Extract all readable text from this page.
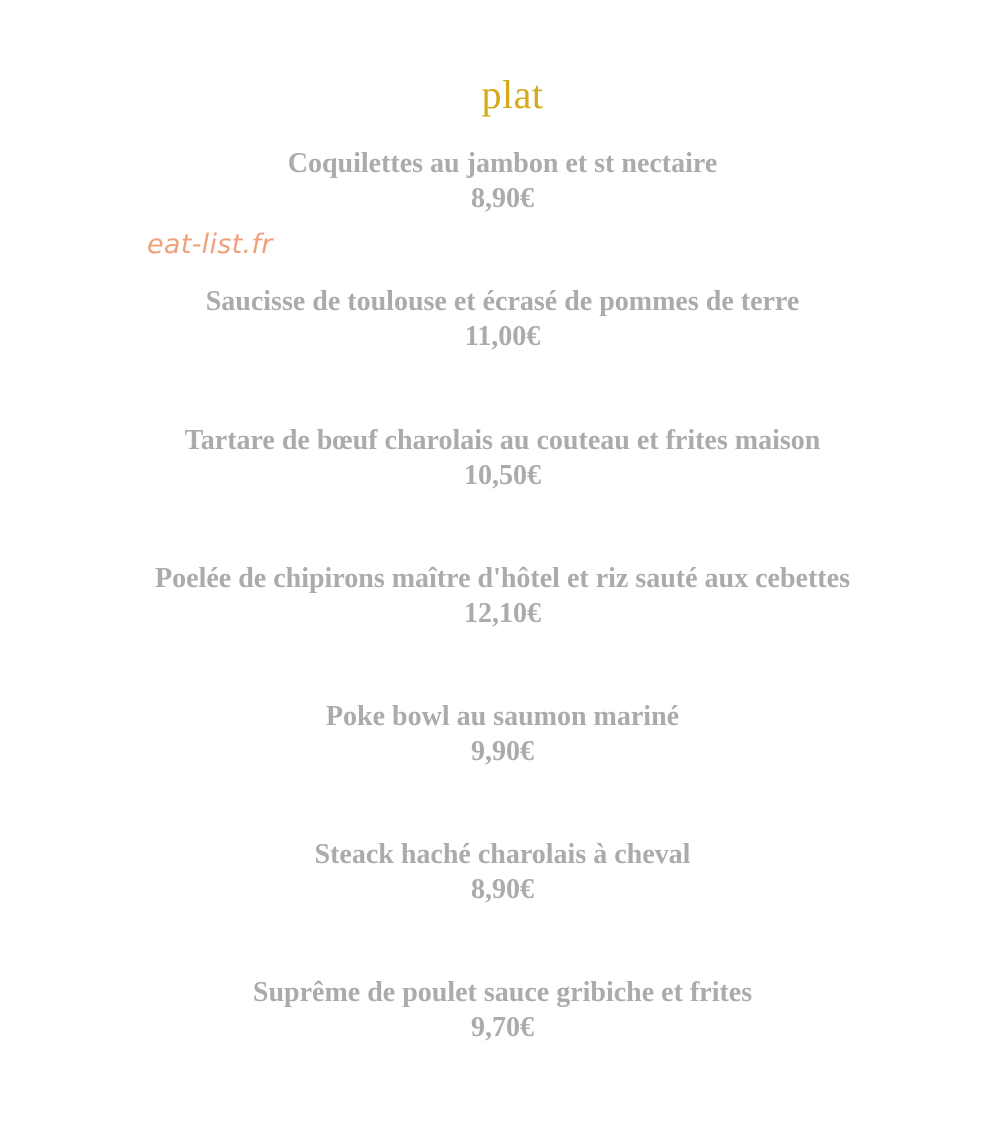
plat
Coquilettes au jambon et st nectaire
8,90€
Saucisse de toulouse et écrasé de pommes de terre
11,00€
Tartare de bœuf charolais au couteau et frites maison
10,50€
Poelée de chipirons maître d'hôtel et riz sauté aux cebettes
12,10€
Poke bowl au saumon mariné
9,90€
Steack haché charolais à cheval
8,90€
Suprême de poulet sauce gribiche et frites
9,70€
eat-list.fr
